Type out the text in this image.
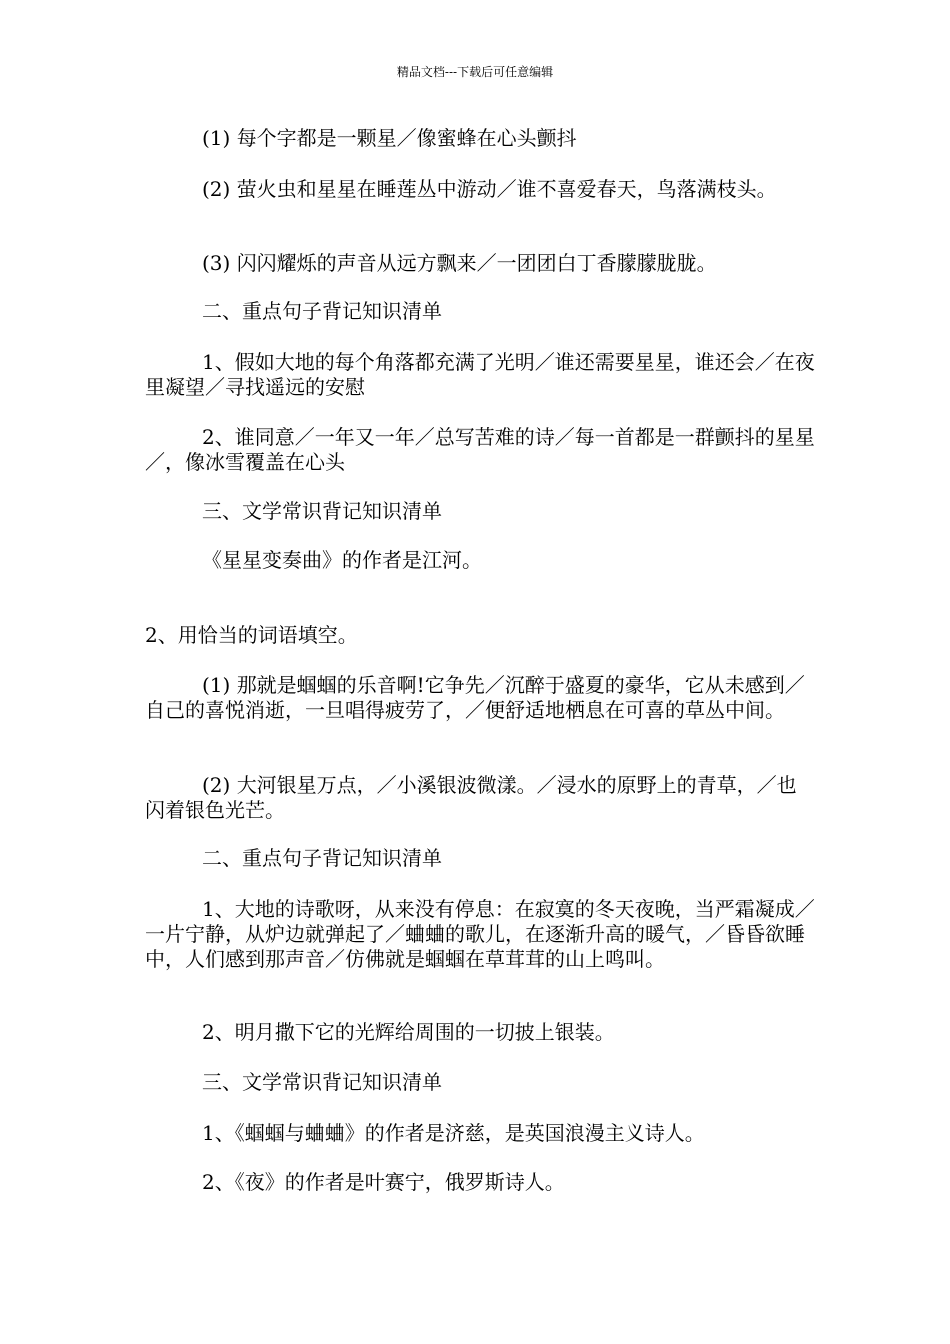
精品文档---下载后可任意编辑

(1) 每个字都是一颗星／像蜜蜂在心头颤抖

(2) 萤火虫和星星在睡莲丛中游动／谁不喜爱春天，鸟落满枝头。

(3) 闪闪耀烁的声音从远方飘来／一团团白丁香朦朦胧胧。

二、重点句子背记知识清单

1、假如大地的每个角落都充满了光明／谁还需要星星，谁还会／在夜里凝望／寻找遥远的安慰

2、谁同意／一年又一年／总写苦难的诗／每一首都是一群颤抖的星星／，像冰雪覆盖在心头

三、文学常识背记知识清单

《星星变奏曲》的作者是江河。

2、用恰当的词语填空。

(1) 那就是蝈蝈的乐音啊!它争先／沉醉于盛夏的豪华，它从未感到／自己的喜悦消逝，一旦唱得疲劳了，／便舒适地栖息在可喜的草丛中间。

(2) 大河银星万点，／小溪银波微漾。／浸水的原野上的青草，／也闪着银色光芒。

二、重点句子背记知识清单

1、大地的诗歌呀，从来没有停息：在寂寞的冬天夜晚，当严霜凝成／一片宁静，从炉边就弹起了／蛐蛐的歌儿，在逐渐升高的暖气，／昏昏欲睡中，人们感到那声音／仿佛就是蝈蝈在草茸茸的山上鸣叫。

2、明月撒下它的光辉给周围的一切披上银装。

三、文学常识背记知识清单

1、《蝈蝈与蛐蛐》的作者是济慈，是英国浪漫主义诗人。

2、《夜》的作者是叶赛宁，俄罗斯诗人。
